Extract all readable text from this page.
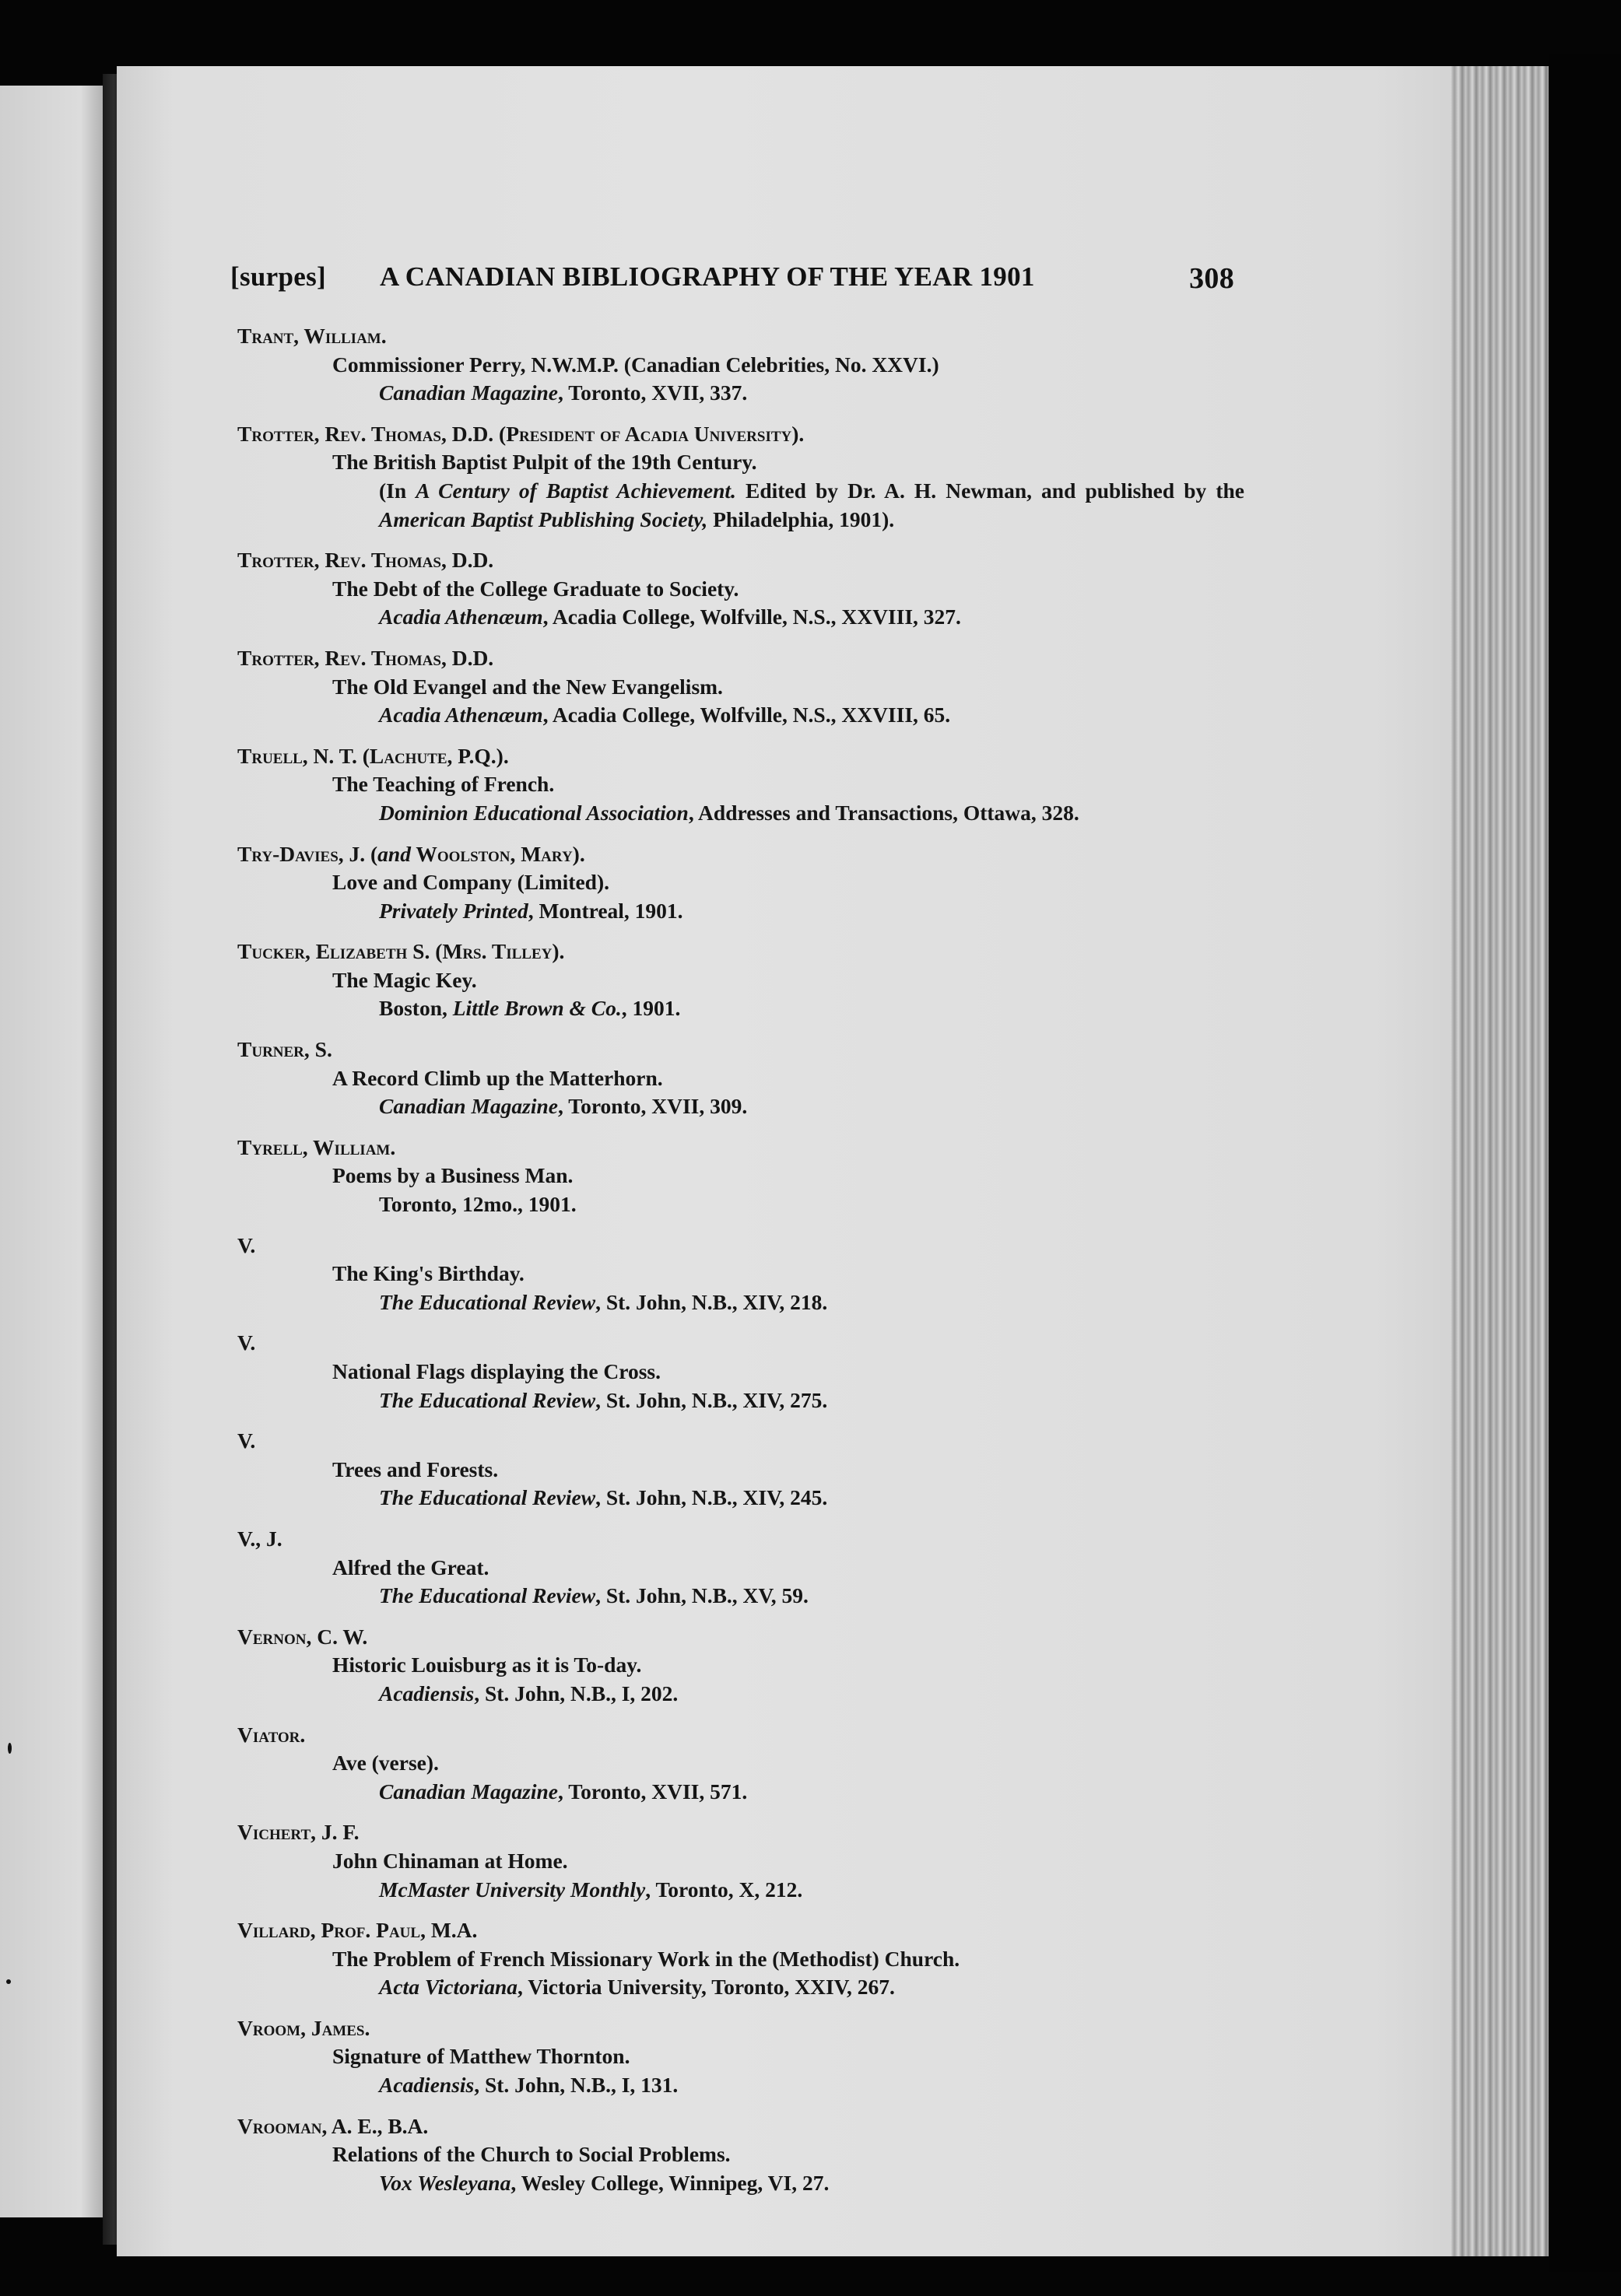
[surpes] A CANADIAN BIBLIOGRAPHY OF THE YEAR 1901	308
Trant, William.
Commissioner Perry, N.W.M.P. (Canadian Celebrities, No. XXVI.)
Canadian Magazine, Toronto, XVII, 337.
Trotter, Rev. Thomas, D.D. (President of Acadia University).
The British Baptist Pulpit of the 19th Century.
(In A Century of Baptist Achievement. Edited by Dr. A. H. Newman, and published by the American Baptist Publishing Society, Philadelphia, 1901).
Trotter, Rev. Thomas, D.D.
The Debt of the College Graduate to Society.
Acadia Athenæum, Acadia College, Wolfville, N.S., XXVIII, 327.
Trotter, Rev. Thomas, D.D.
The Old Evangel and the New Evangelism.
Acadia Athenæum, Acadia College, Wolfville, N.S., XXVIII, 65.
Truell, N. T. (Lachute, P.Q.).
The Teaching of French.
Dominion Educational Association, Addresses and Transactions, Ottawa, 328.
Try-Davies, J. (and Woolston, Mary).
Love and Company (Limited).
Privately Printed, Montreal, 1901.
Tucker, Elizabeth S. (Mrs. Tilley).
The Magic Key.
Boston, Little Brown & Co., 1901.
Turner, S.
A Record Climb up the Matterhorn.
Canadian Magazine, Toronto, XVII, 309.
Tyrell, William.
Poems by a Business Man.
Toronto, 12mo., 1901.
V.
The King's Birthday.
The Educational Review, St. John, N.B., XIV, 218.
V.
National Flags displaying the Cross.
The Educational Review, St. John, N.B., XIV, 275.
V.
Trees and Forests.
The Educational Review, St. John, N.B., XIV, 245.
V., J.
Alfred the Great.
The Educational Review, St. John, N.B., XV, 59.
Vernon, C. W.
Historic Louisburg as it is To-day.
Acadiensis, St. John, N.B., I, 202.
Viator.
Ave (verse).
Canadian Magazine, Toronto, XVII, 571.
Vichert, J. F.
John Chinaman at Home.
McMaster University Monthly, Toronto, X, 212.
Villard, Prof. Paul, M.A.
The Problem of French Missionary Work in the (Methodist) Church.
Acta Victoriana, Victoria University, Toronto, XXIV, 267.
Vroom, James.
Signature of Matthew Thornton.
Acadiensis, St. John, N.B., I, 131.
Vrooman, A. E., B.A.
Relations of the Church to Social Problems.
Vox Wesleyana, Wesley College, Winnipeg, VI, 27.
